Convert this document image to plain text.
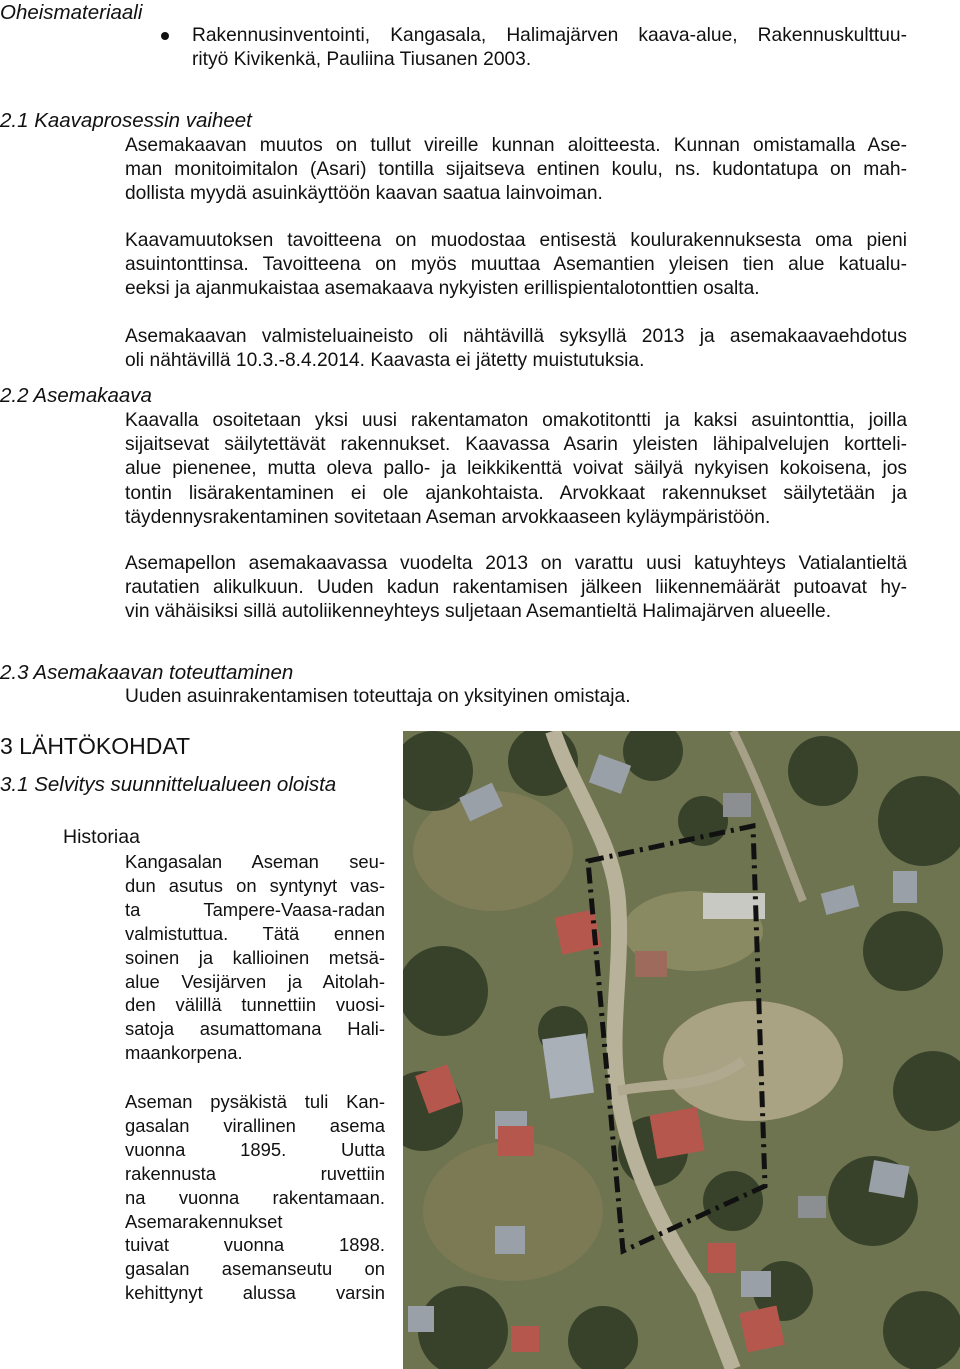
Oheismateriaali
Rakennusinventointi, Kangasala, Halimajärven kaava-alue, Rakennuskulttuu-
rityö Kivikenkä, Pauliina Tiusanen 2003.
2.1 Kaavaprosessin vaiheet
Asemakaavan muutos on tullut vireille kunnan aloitteesta. Kunnan omistamalla Ase-
man monitoimitalon (Asari) tontilla sijaitseva entinen koulu, ns. kudontatupa on mah-
dollista myydä asuinkäyttöön kaavan saatua lainvoiman.
Kaavamuutoksen tavoitteena on muodostaa entisestä koulurakennuksesta oma pieni
asuintonttinsa. Tavoitteena on myös muuttaa Asemantien yleisen tien alue katualu-
eeksi ja ajanmukaistaa asemakaava nykyisten erillispientalotonttien osalta.
Asemakaavan valmisteluaineisto oli nähtävillä syksyllä 2013 ja asemakaavaehdotus
oli nähtävillä 10.3.-8.4.2014. Kaavasta ei jätetty muistutuksia.
2.2 Asemakaava
Kaavalla osoitetaan yksi uusi rakentamaton omakotitontti ja kaksi asuintonttia, joilla
sijaitsevat säilytettävät rakennukset. Kaavassa Asarin yleisten lähipalvelujen kortteli-
alue pienenee, mutta oleva pallo- ja leikkikenttä voivat säilyä nykyisen kokoisena, jos
tontin lisärakentaminen ei ole ajankohtaista. Arvokkaat rakennukset säilytetään ja
täydennysrakentaminen sovitetaan Aseman arvokkaaseen kyläympäristöön.
Asemapellon asemakaavassa vuodelta 2013 on varattu uusi katuyhteys Vatialantieltä
rautatien alikulkuun. Uuden kadun rakentamisen jälkeen liikennemäärät putoavat hy-
vin vähäisiksi sillä autoliikenneyhteys suljetaan Asemantieltä Halimajärven alueelle.
2.3 Asemakaavan toteuttaminen
Uuden asuinrakentamisen toteuttaja on yksityinen omistaja.
3 LÄHTÖKOHDAT
3.1 Selvitys suunnittelualueen oloista
Historiaa
Kangasalan Aseman seu-
dun asutus on syntynyt vas-
ta Tampere-Vaasa-radan
valmistuttua. Tätä ennen
soinen ja kallioinen metsä-
alue Vesijärven ja Aitolah-
den välillä tunnettiin vuosi-
satoja asumattomana Hali-
maankorpena.
Aseman pysäkistä tuli Kan-
gasalan virallinen asema
vuonna 1895. Uutta
rakennusta ruvettiin
na vuonna rakentamaan.
Asemarakennukset
tuivat vuonna 1898.
gasalan asemanseutu on
kehittynyt alussa varsin
